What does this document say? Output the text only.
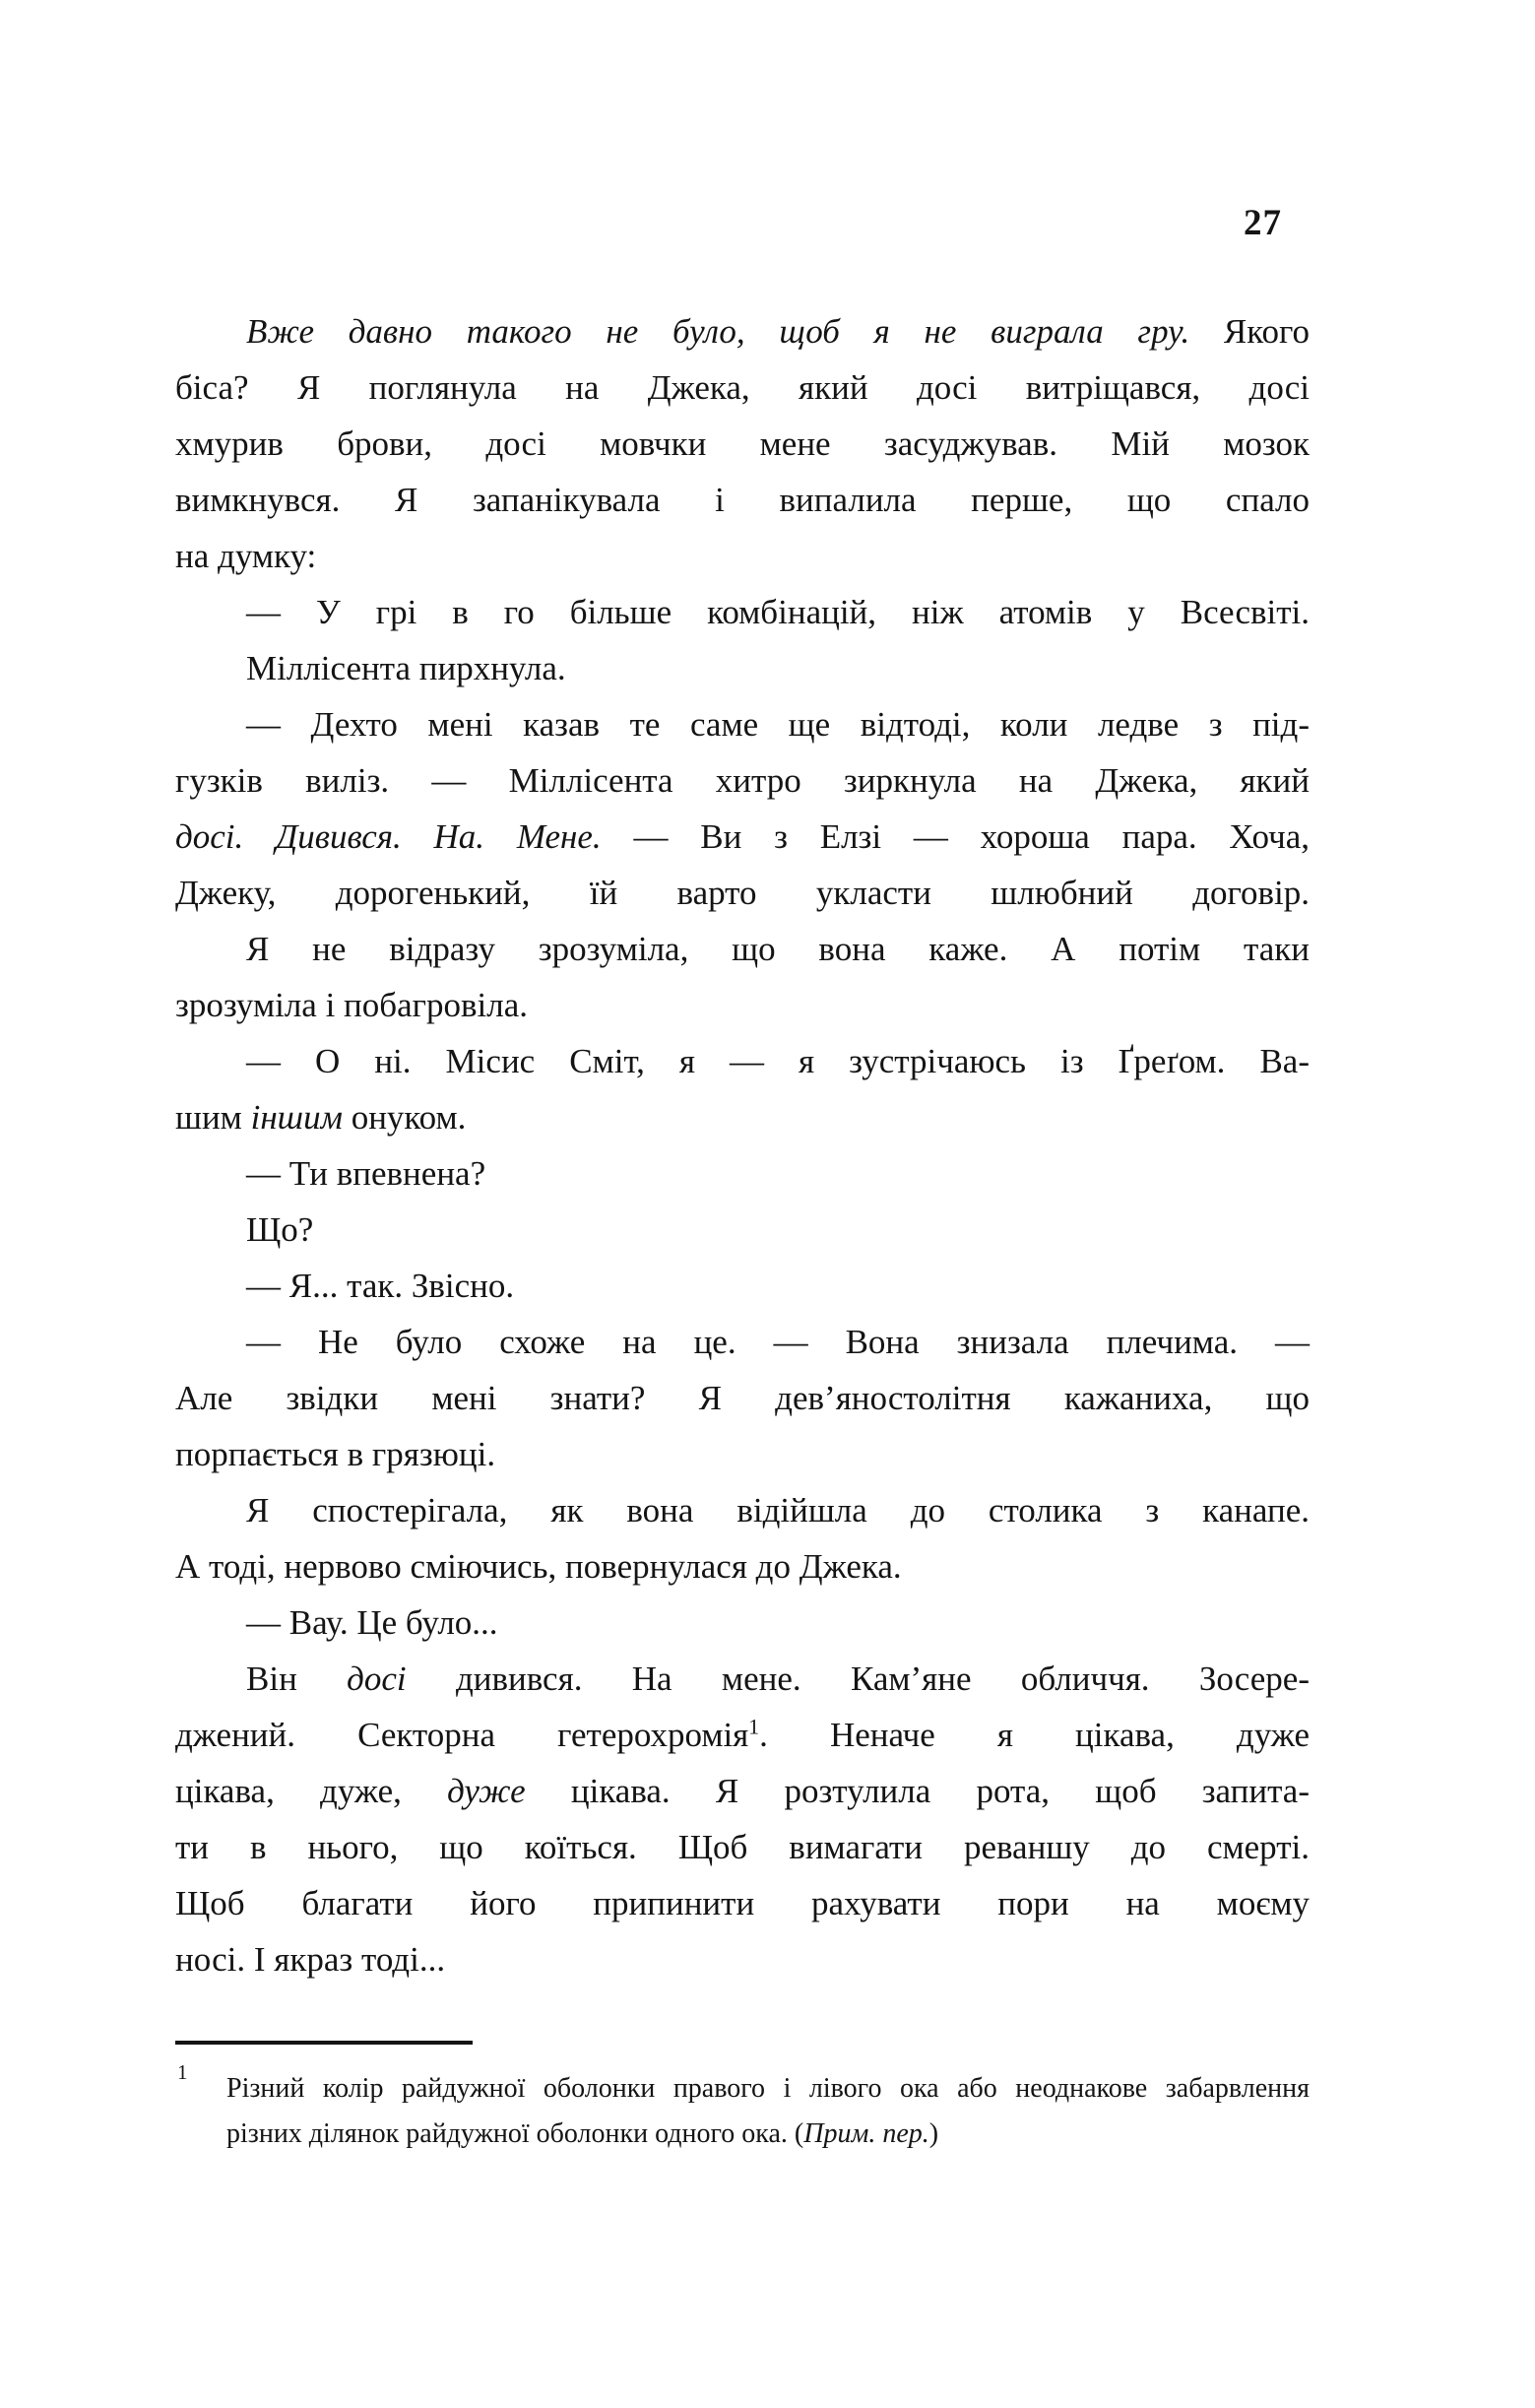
27
Вже давно такого не було, щоб я не виграла гру. Якого
біса? Я поглянула на Джека, який досі витріщався, досі
хмурив брови, досі мовчки мене засуджував. Мій мозок
вимкнувся. Я запанікувала і випалила перше, що спало
на думку:
— У грі в го більше комбінацій, ніж атомів у Всесвіті.
Міллісента пирхнула.
— Дехто мені казав те саме ще відтоді, коли ледве з під-
гузків виліз. — Міллісента хитро зиркнула на Джека, який
досі. Дивився. На. Мене. — Ви з Елзі — хороша пара. Хоча,
Джеку, дорогенький, їй варто укласти шлюбний договір.
Я не відразу зрозуміла, що вона каже. А потім таки
зрозуміла і побагровіла.
— О ні. Місис Сміт, я — я зустрічаюсь із Ґреґом. Ва-
шим іншим онуком.
— Ти впевнена?
Що?
— Я... так. Звісно.
— Не було схоже на це. — Вона знизала плечима. —
Але звідки мені знати? Я дев’яностолітня кажаниха, що
порпається в грязюці.
Я спостерігала, як вона відійшла до столика з канапе.
А тоді, нервово сміючись, повернулася до Джека.
— Вау. Це було...
Він досі дивився. На мене. Кам’яне обличчя. Зосере-
джений. Секторна гетерохромія$^1$. Неначе я цікава, дуже
цікава, дуже, дуже цікава. Я розтулила рота, щоб запита-
ти в нього, що коїться. Щоб вимагати реваншу до смерті.
Щоб благати його припинити рахувати пори на моєму
носі. І якраз тоді...
1
Різний колір райдужної оболонки правого і лівого ока або неоднакове забарвлення
різних ділянок райдужної оболонки одного ока. (Прим. пер.)
